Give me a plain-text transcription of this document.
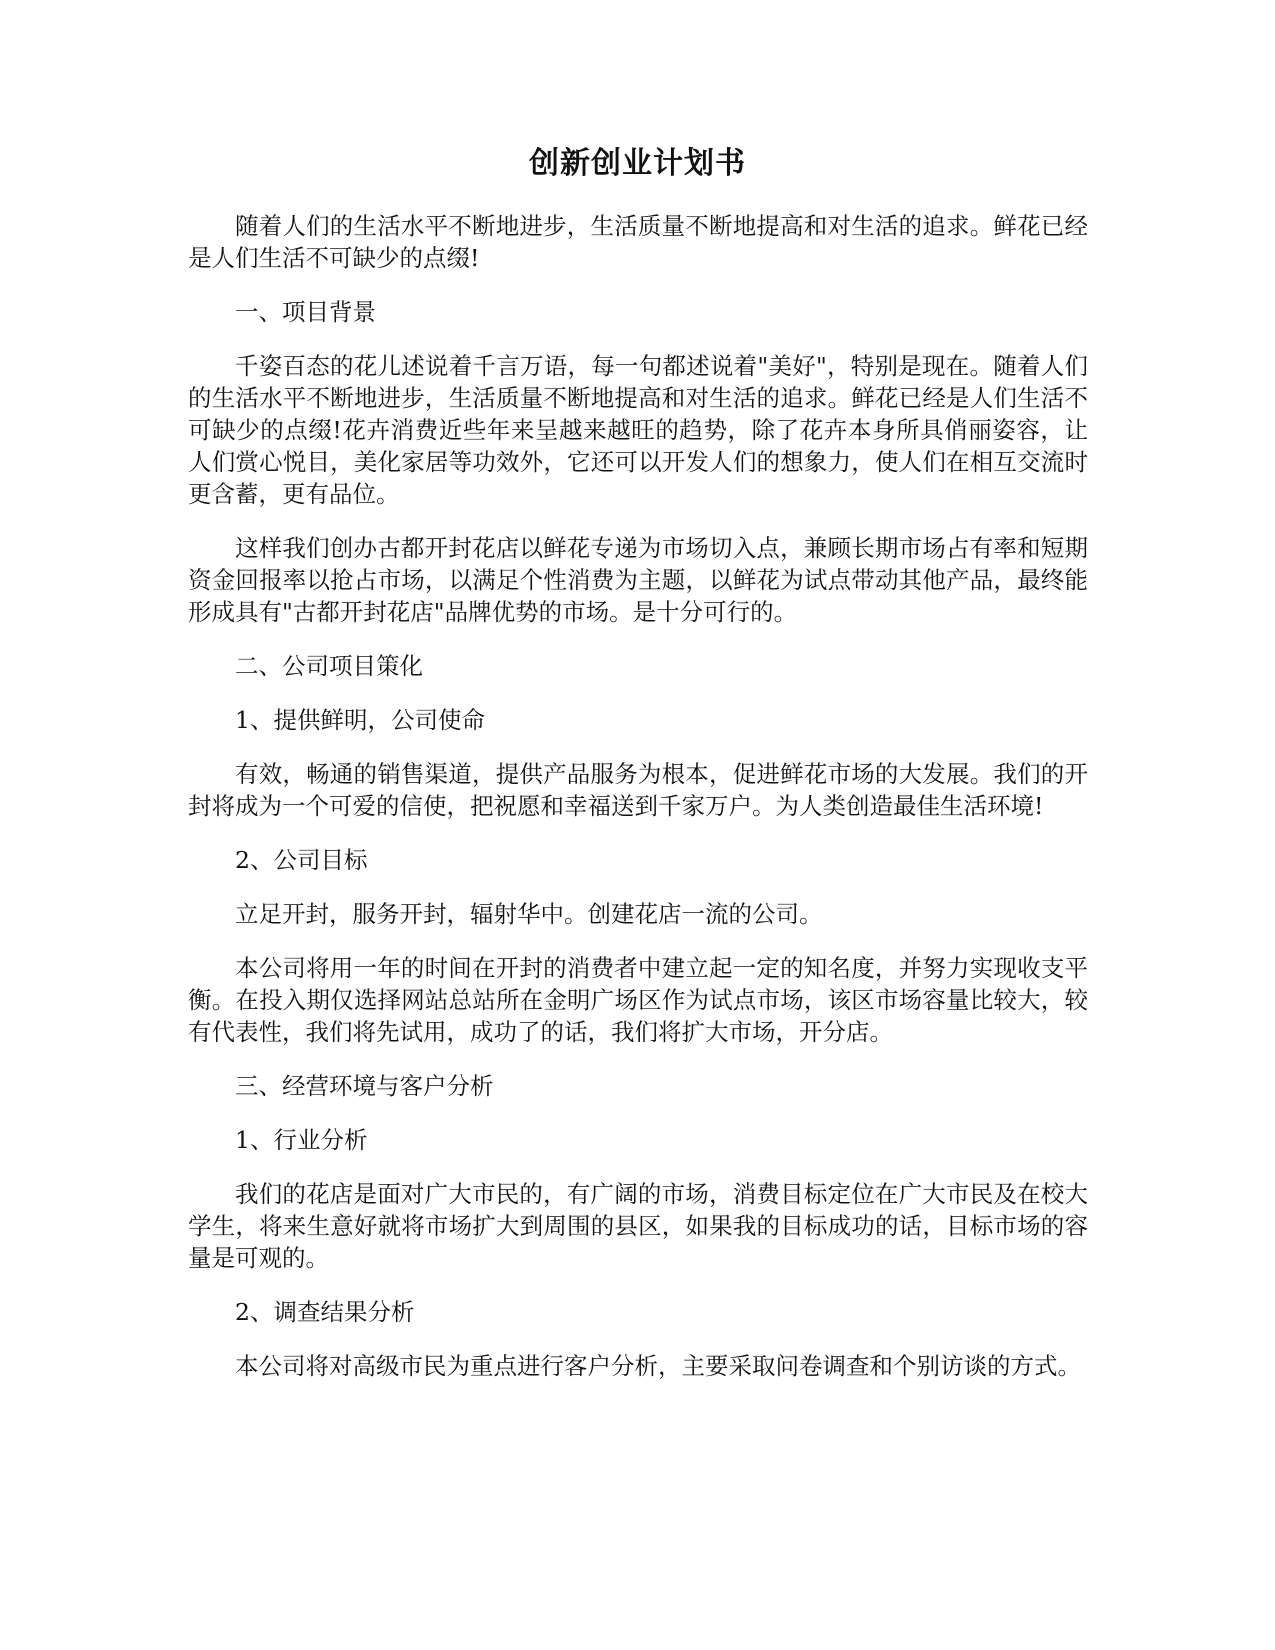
创新创业计划书

随着人们的生活水平不断地进步，生活质量不断地提高和对生活的追求。鲜花已经是人们生活不可缺少的点缀!

一、项目背景

千姿百态的花儿述说着千言万语，每一句都述说着"美好"，特别是现在。随着人们的生活水平不断地进步，生活质量不断地提高和对生活的追求。鲜花已经是人们生活不可缺少的点缀!花卉消费近些年来呈越来越旺的趋势，除了花卉本身所具俏丽姿容，让人们赏心悦目，美化家居等功效外，它还可以开发人们的想象力，使人们在相互交流时更含蓄，更有品位。

这样我们创办古都开封花店以鲜花专递为市场切入点，兼顾长期市场占有率和短期资金回报率以抢占市场，以满足个性消费为主题，以鲜花为试点带动其他产品，最终能形成具有"古都开封花店"品牌优势的市场。是十分可行的。

二、公司项目策化

1、提供鲜明，公司使命

有效，畅通的销售渠道，提供产品服务为根本，促进鲜花市场的大发展。我们的开封将成为一个可爱的信使，把祝愿和幸福送到千家万户。为人类创造最佳生活环境!

2、公司目标

立足开封，服务开封，辐射华中。创建花店一流的公司。

本公司将用一年的时间在开封的消费者中建立起一定的知名度，并努力实现收支平衡。在投入期仅选择网站总站所在金明广场区作为试点市场，该区市场容量比较大，较有代表性，我们将先试用，成功了的话，我们将扩大市场，开分店。

三、经营环境与客户分析

1、行业分析

我们的花店是面对广大市民的，有广阔的市场，消费目标定位在广大市民及在校大学生，将来生意好就将市场扩大到周围的县区，如果我的目标成功的话，目标市场的容量是可观的。

2、调查结果分析

本公司将对高级市民为重点进行客户分析，主要采取问卷调查和个别访谈的方式。
